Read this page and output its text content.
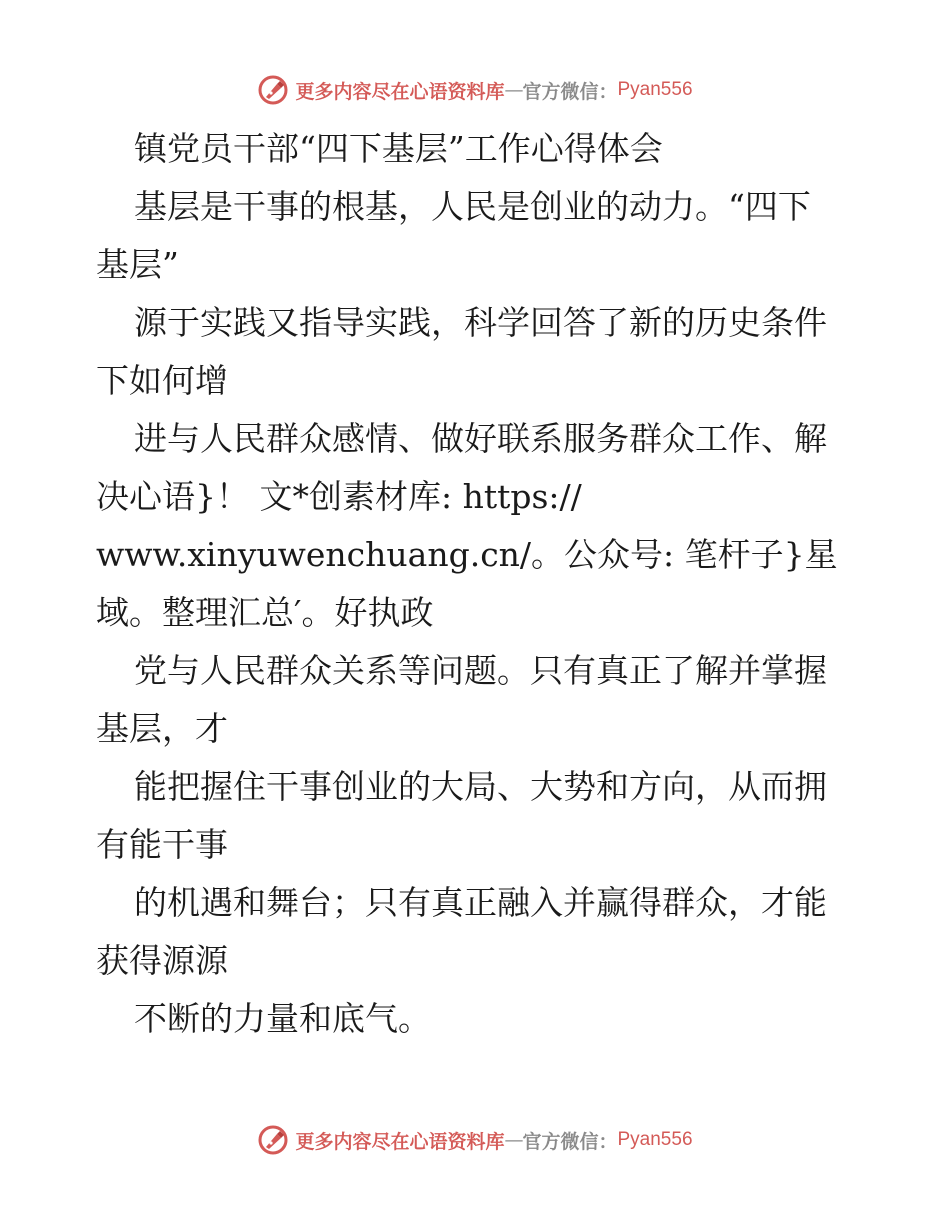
更多内容尽在心语资料库 — 官方微信： Pyan556
镇党员干部“四下基层”工作心得体会
基层是干事的根基，人民是创业的动力。“四下
基层”
源于实践又指导实践，科学回答了新的历史条件
下如何增
进与人民群众感情、做好联系服务群众工作、解
决心语}！ 文*创素材库: https://
www.xinyuwenchuang.cn/。公众号: 笔杆子}星
域。整理汇总′。好执政
党与人民群众关系等问题。只有真正了解并掌握
基层，才
能把握住干事创业的大局、大势和方向，从而拥
有能干事
的机遇和舞台；只有真正融入并赢得群众，才能
获得源源
不断的力量和底气。
更多内容尽在心语资料库 — 官方微信： Pyan556
